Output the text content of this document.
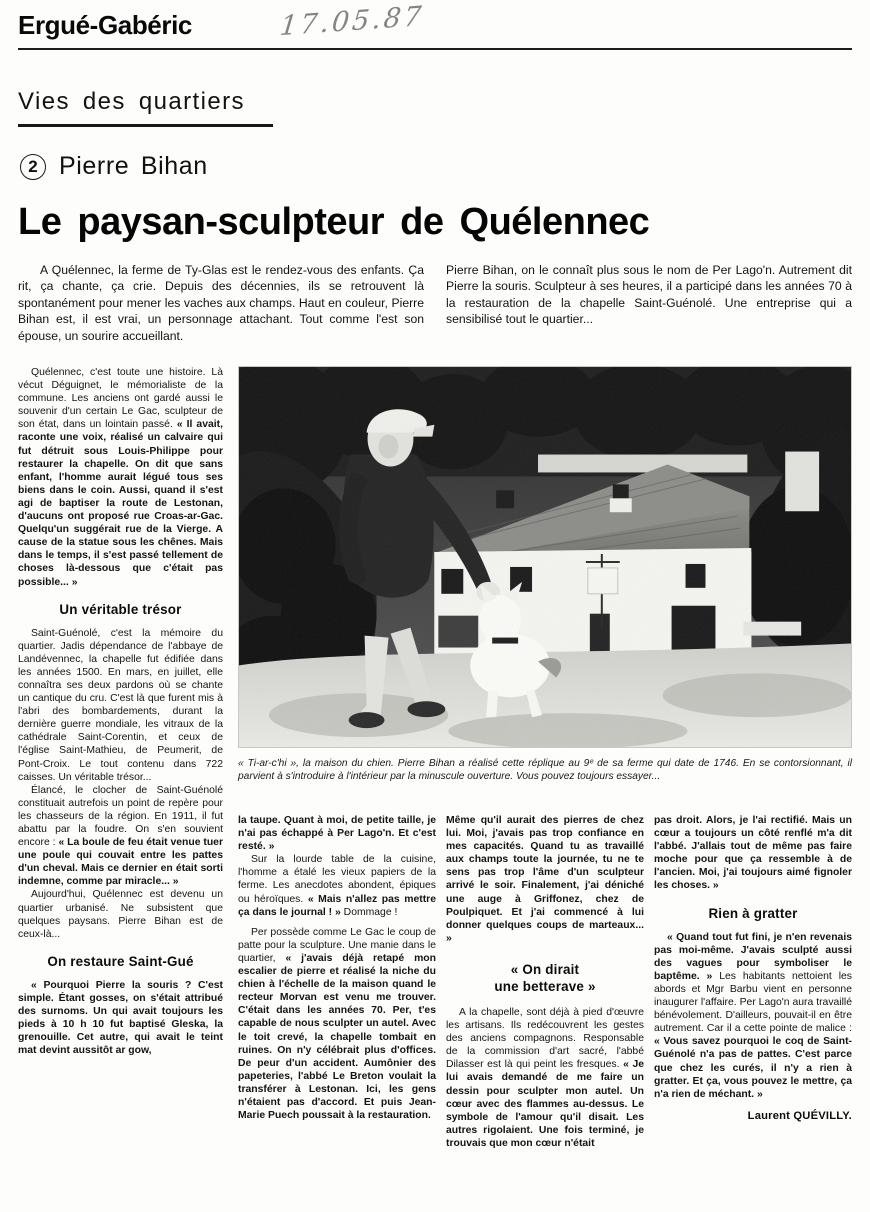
Ergué-Gabéric	17.05.87
Vies des quartiers
2 Pierre Bihan
Le paysan-sculpteur de Quélennec
A Quélennec, la ferme de Ty-Glas est le rendez-vous des enfants. Ça rit, ça chante, ça crie. Depuis des décennies, ils se retrouvent là spontanément pour mener les vaches aux champs. Haut en couleur, Pierre Bihan est, il est vrai, un personnage attachant. Tout comme l'est son épouse, un sourire accueillant.
Pierre Bihan, on le connaît plus sous le nom de Per Lago'n. Autrement dit Pierre la souris. Sculpteur à ses heures, il a participé dans les années 70 à la restauration de la chapelle Saint-Guénolé. Une entreprise qui a sensibilisé tout le quartier...

Quélennec, c'est toute une histoire. Là vécut Déguignet, le mémorialiste de la commune. Les anciens ont gardé aussi le souvenir d'un certain Le Gac, sculpteur de son état, dans un lointain passé. « Il avait, raconte une voix, réalisé un calvaire qui fut détruit sous Louis-Philippe pour restaurer la chapelle. On dit que sans enfant, l'homme aurait légué tous ses biens dans le coin. Aussi, quand il s'est agi de baptiser la route de Lestonan, d'aucuns ont proposé rue Croas-ar-Gac. Quelqu'un suggérait rue de la Vierge. A cause de la statue sous les chênes. Mais dans le temps, il s'est passé tellement de choses là-dessous que c'était pas possible... »

Un véritable trésor

Saint-Guénolé, c'est la mémoire du quartier. Jadis dépendance de l'abbaye de Landévennec, la chapelle fut édifiée dans les années 1500. En mars, en juillet, elle connaîtra ses deux pardons où se chante un cantique du cru. C'est là que furent mis à l'abri des bombardements, durant la dernière guerre mondiale, les vitraux de la cathédrale Saint-Corentin, et ceux de l'église Saint-Mathieu, de Peumerit, de Pont-Croix. Le tout contenu dans 722 caisses. Un véritable trésor...

Élancé, le clocher de Saint-Guénolé constituait autrefois un point de repère pour les chasseurs de la région. En 1911, il fut abattu par la foudre. On s'en souvient encore : « La boule de feu était venue tuer une poule qui couvait entre les pattes d'un cheval. Mais ce dernier en était sorti indemne, comme par miracle... »

Aujourd'hui, Quélennec est devenu un quartier urbanisé. Ne subsistent que quelques paysans. Pierre Bihan est de ceux-là...

On restaure Saint-Gué

« Pourquoi Pierre la souris ? C'est simple. Étant gosses, on s'était attribué des surnoms. Un qui avait toujours les pieds à 10 h 10 fut baptisé Gleska, la grenouille. Cet autre, qui avait le teint mat devint aussitôt ar gow,

« Ti-ar-c'hi », la maison du chien. Pierre Bihan a réalisé cette réplique au 9ᵉ de sa ferme qui date de 1746. En se contorsionnant, il parvient à s'introduire à l'intérieur par la minuscule ouverture. Vous pouvez toujours essayer...

la taupe. Quant à moi, de petite taille, je n'ai pas échappé à Per Lago'n. Et c'est resté. »

Sur la lourde table de la cuisine, l'homme a étalé les vieux papiers de la ferme. Les anecdotes abondent, épiques ou héroïques. « Mais n'allez pas mettre ça dans le journal ! » Dommage !

Per possède comme Le Gac le coup de patte pour la sculpture. Une manie dans le quartier, « j'avais déjà retapé mon escalier de pierre et réalisé la niche du chien à l'échelle de la maison quand le recteur Morvan est venu me trouver. C'était dans les années 70. Per, t'es capable de nous sculpter un autel. Avec le toit crevé, la chapelle tombait en ruines. On n'y célébrait plus d'offices. De peur d'un accident. Aumônier des papeteries, l'abbé Le Breton voulait la transférer à Lestonan. Ici, les gens n'étaient pas d'accord. Et puis Jean-Marie Puech poussait à la restauration.

Même qu'il aurait des pierres de chez lui. Moi, j'avais pas trop confiance en mes capacités. Quand tu as travaillé aux champs toute la journée, tu ne te sens pas trop l'âme d'un sculpteur arrivé le soir. Finalement, j'ai déniché une auge à Griffonez, chez de Poulpiquet. Et j'ai commencé à lui donner quelques coups de marteaux... »

« On dirait
une betterave »

A la chapelle, sont déjà à pied d'œuvre les artisans. Ils redécouvrent les gestes des anciens compagnons. Responsable de la commission d'art sacré, l'abbé Dilasser est là qui peint les fresques. « Je lui avais demandé de me faire un dessin pour sculpter mon autel. Un cœur avec des flammes au-dessus. Le symbole de l'amour qu'il disait. Les autres rigolaient. Une fois terminé, je trouvais que mon cœur n'était

pas droit. Alors, je l'ai rectifié. Mais un cœur a toujours un côté renflé m'a dit l'abbé. J'allais tout de même pas faire moche pour que ça ressemble à de l'ancien. Moi, j'ai toujours aimé fignoler les choses. »

Rien à gratter

« Quand tout fut fini, je n'en revenais pas moi-même. J'avais sculpté aussi des vagues pour symboliser le baptême. » Les habitants nettoient les abords et Mgr Barbu vient en personne inaugurer l'affaire. Per Lago'n aura travaillé bénévolement. D'ailleurs, pouvait-il en être autrement. Car il a cette pointe de malice : « Vous savez pourquoi le coq de Saint-Guénolé n'a pas de pattes. C'est parce que chez les curés, il n'y a rien à gratter. Et ça, vous pouvez le mettre, ça n'a rien de méchant. »

Laurent QUÉVILLY.
